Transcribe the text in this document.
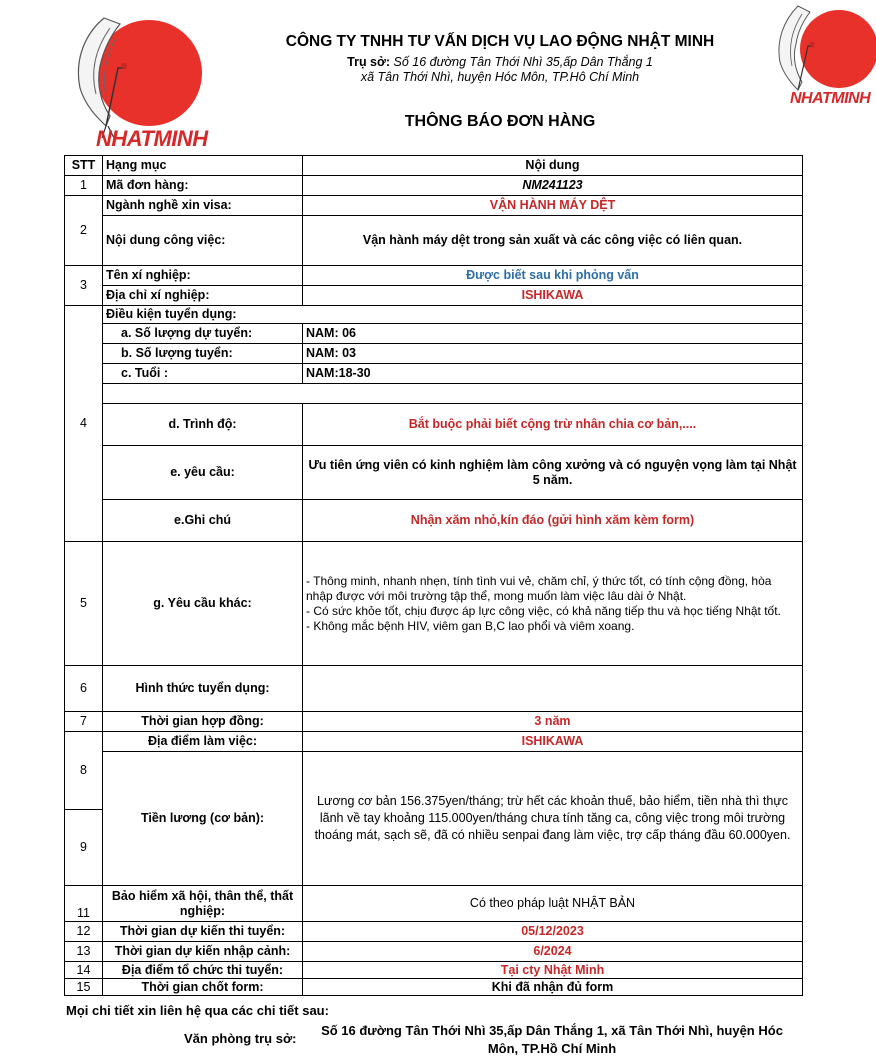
NHATMINH
NHATMINH
CÔNG TY TNHH TƯ VẤN DỊCH VỤ LAO ĐỘNG NHẬT MINH
Trụ sở: Số 16 đường Tân Thới Nhì 35,ấp Dân Thắng 1
xã Tân Thới Nhì, huyện Hóc Môn, TP.Hô Chí Minh
THÔNG BÁO ĐƠN HÀNG
STT	Hạng mục	Nội dung
1	Mã đơn hàng:	NM241123
2	Ngành nghề xin visa:	VẬN HÀNH MÁY DỆT
	Nội dung công việc:	Vận hành máy dệt trong sản xuất và các công việc có liên quan.
3	Tên xí nghiệp:	Được biết sau khi phỏng vấn
	Địa chỉ xí nghiệp:	ISHIKAWA
4	Điều kiện tuyển dụng:	
	a. Số lượng dự tuyển:	NAM: 06
	b. Số lượng tuyển:	NAM: 03
	c. Tuổi :	NAM:18-30

	d. Trình độ:	Bắt buộc phải biết cộng trừ nhân chia cơ bản,....
	e. yêu cầu:	Ưu tiên ứng viên có kinh nghiệm làm công xưởng và có nguyện vọng làm tại Nhật 5 năm.
	e.Ghi chú	Nhận xăm nhỏ,kín đáo (gửi hình xăm kèm form)
5	g. Yêu cầu khác:	- Thông minh, nhanh nhẹn, tính tình vui vẻ, chăm chỉ, ý thức tốt, có tính cộng đồng, hòa nhập được với môi trường tập thể, mong muốn làm việc lâu dài ở Nhật.
- Có sức khỏe tốt, chịu được áp lực công việc, có khả năng tiếp thu và học tiếng Nhật tốt.
- Không mắc bệnh HIV, viêm gan B,C lao phổi và viêm xoang.

6	Hình thức tuyển dụng:	
7	Thời gian hợp đồng:	3 năm
8	Địa điểm làm việc:	ISHIKAWA
	Tiền lương (cơ bản):	Lương cơ bản 156.375yen/tháng; trừ hết các khoản thuế, bảo hiểm, tiền nhà thì thực lãnh về tay khoảng 115.000yen/tháng chưa tính tăng ca, công việc trong môi trường thoáng mát, sạch sẽ, đã có nhiều senpai đang làm việc, trợ cấp tháng đầu 60.000yen.
9		
11	Bảo hiểm xã hội, thân thể, thất nghiệp:	Có theo pháp luật NHẬT BẢN
12	Thời gian dự kiến thi tuyển:	05/12/2023
13	Thời gian dự kiến nhập cảnh:	6/2024
14	Địa điểm tổ chức thi tuyển:	Tại cty Nhật Minh
15	Thời gian chốt form:	Khi đã nhận đủ form
Mọi chi tiết xin liên hệ qua các chi tiết sau:
Văn phòng trụ sở:
Số 16 đường Tân Thới Nhì 35,ấp Dân Thắng 1, xã Tân Thới Nhì, huyện Hóc Môn, TP.Hồ Chí Minh
